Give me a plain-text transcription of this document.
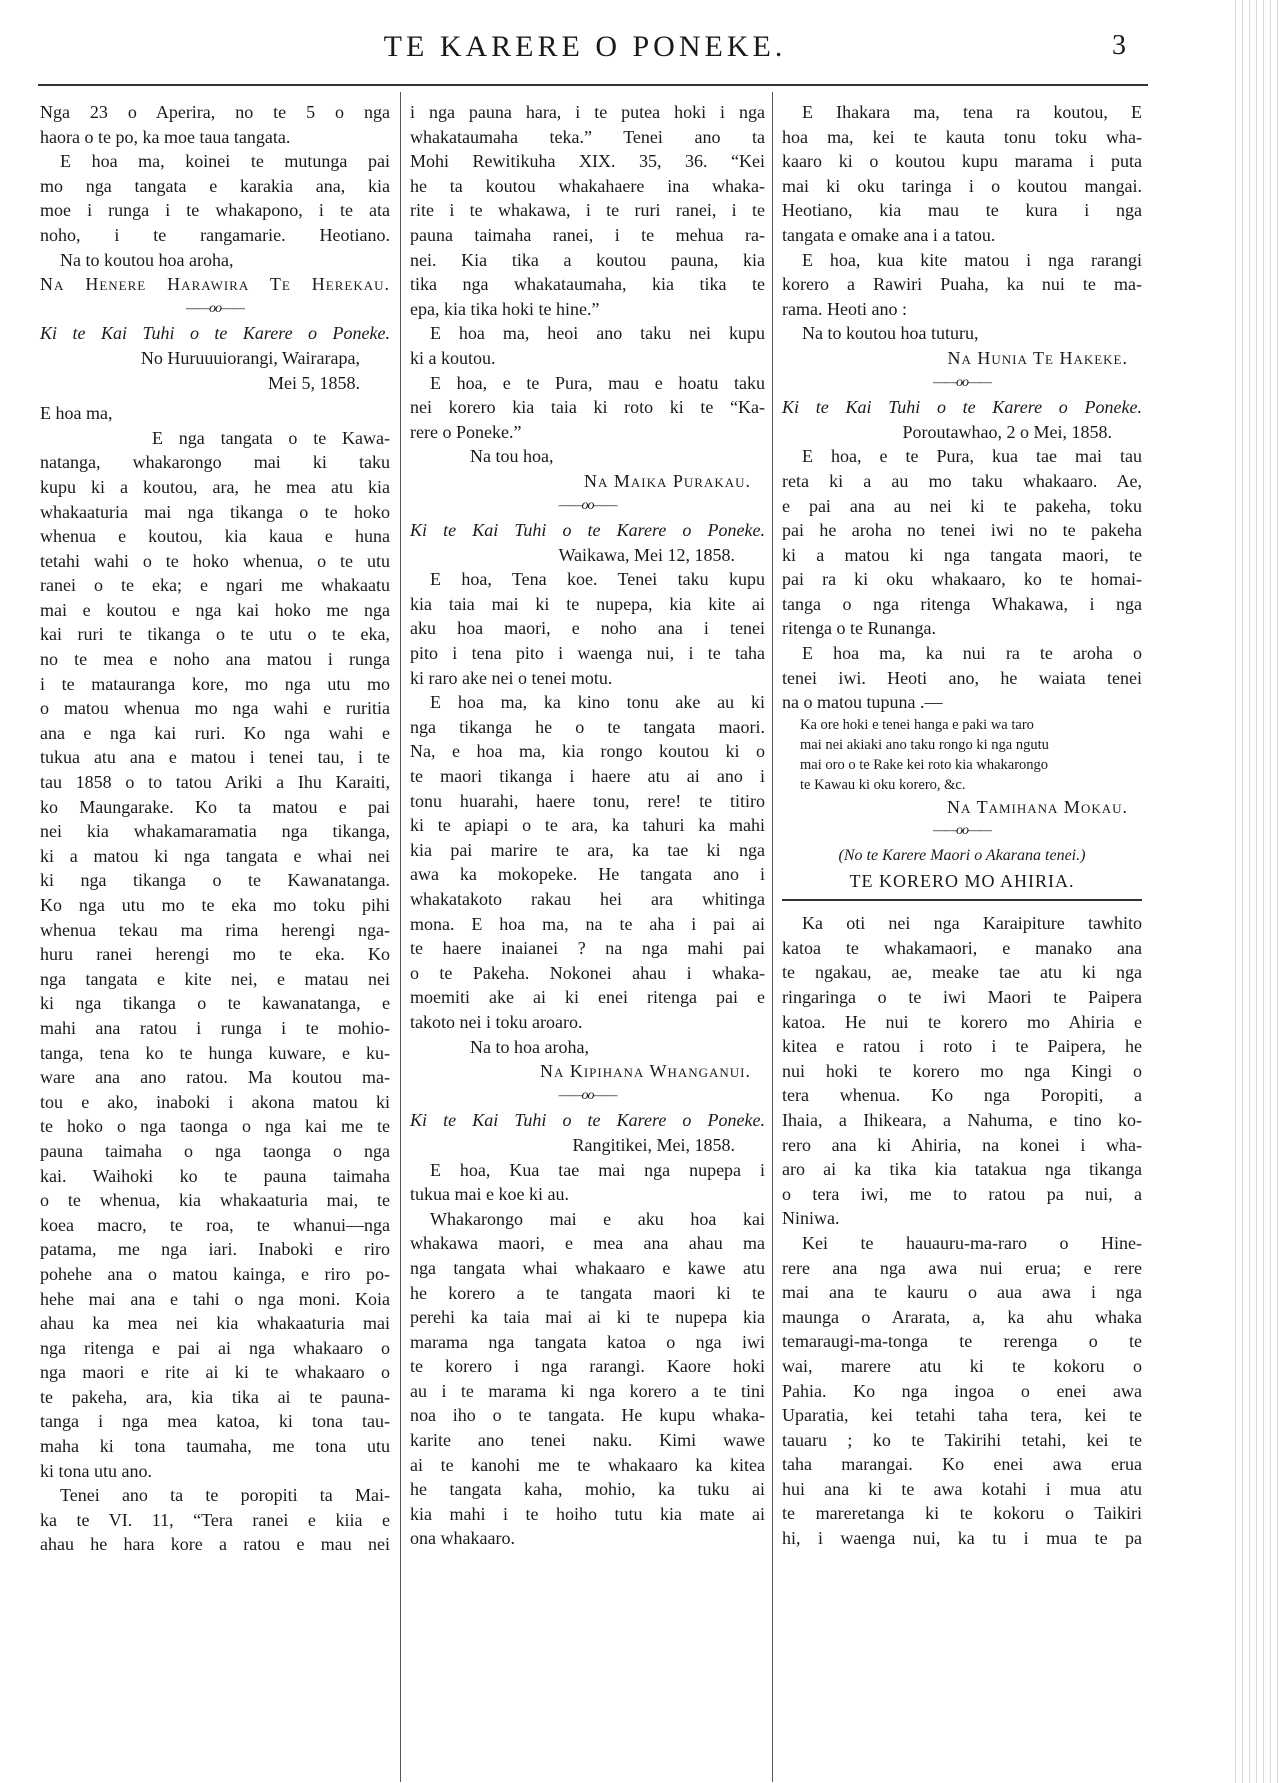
TE KARERE O PONEKE.	3
Nga 23 o Aperira, no te 5 o nga
haora o te po, ka moe taua tangata.
E hoa ma, koinei te mutunga pai
mo nga tangata e karakia ana, kia
moe i runga i te whakapono, i te ata
noho, i te rangamarie. Heotiano.
Na to koutou hoa aroha,
Na Henere Harawira Te Herekau.
——oo——
Ki te Kai Tuhi o te Karere o Poneke.
No Huruuuiorangi, Wairarapa,
Mei 5, 1858.
E hoa ma,
E nga tangata o te Kawa-
natanga, whakarongo mai ki taku
kupu ki a koutou, ara, he mea atu kia
whakaaturia mai nga tikanga o te hoko
whenua e koutou, kia kaua e huna
tetahi wahi o te hoko whenua, o te utu
ranei o te eka; e ngari me whakaatu
mai e koutou e nga kai hoko me nga
kai ruri te tikanga o te utu o te eka,
no te mea e noho ana matou i runga
i te matauranga kore, mo nga utu mo
o matou whenua mo nga wahi e ruritia
ana e nga kai ruri. Ko nga wahi e
tukua atu ana e matou i tenei tau, i te
tau 1858 o to tatou Ariki a Ihu Karaiti,
ko Maungarake. Ko ta matou e pai
nei kia whakamaramatia nga tikanga,
ki a matou ki nga tangata e whai nei
ki nga tikanga o te Kawanatanga.
Ko nga utu mo te eka mo toku pihi
whenua tekau ma rima herengi nga-
huru ranei herengi mo te eka. Ko
nga tangata e kite nei, e matau nei
ki nga tikanga o te kawanatanga, e
mahi ana ratou i runga i te mohio-
tanga, tena ko te hunga kuware, e ku-
ware ana ano ratou. Ma koutou ma-
tou e ako, inaboki i akona matou ki
te hoko o nga taonga o nga kai me te
pauna taimaha o nga taonga o nga
kai. Waihoki ko te pauna taimaha
o te whenua, kia whakaaturia mai, te
koea macro, te roa, te whanui—nga
patama, me nga iari. Inaboki e riro
pohehe ana o matou kainga, e riro po-
hehe mai ana e tahi o nga moni. Koia
ahau ka mea nei kia whakaaturia mai
nga ritenga e pai ai nga whakaaro o
nga maori e rite ai ki te whakaaro o
te pakeha, ara, kia tika ai te pauna-
tanga i nga mea katoa, ki tona tau-
maha ki tona taumaha, me tona utu
ki tona utu ano.
Tenei ano ta te poropiti ta Mai-
ka te VI. 11, “Tera ranei e kiia e
ahau he hara kore a ratou e mau nei
i nga pauna hara, i te putea hoki i nga
whakataumaha teka.” Tenei ano ta
Mohi Rewitikuha XIX. 35, 36. “Kei
he ta koutou whakahaere ina whaka-
rite i te whakawa, i te ruri ranei, i te
pauna taimaha ranei, i te mehua ra-
nei. Kia tika a koutou pauna, kia
tika nga whakataumaha, kia tika te
epa, kia tika hoki te hine.”
E hoa ma, heoi ano taku nei kupu
ki a koutou.
E hoa, e te Pura, mau e hoatu taku
nei korero kia taia ki roto ki te “Ka-
rere o Poneke.”
Na tou hoa,
Na Maika Purakau.
——oo——
Ki te Kai Tuhi o te Karere o Poneke.
Waikawa, Mei 12, 1858.
E hoa, Tena koe. Tenei taku kupu
kia taia mai ki te nupepa, kia kite ai
aku hoa maori, e noho ana i tenei
pito i tena pito i waenga nui, i te taha
ki raro ake nei o tenei motu.
E hoa ma, ka kino tonu ake au ki
nga tikanga he o te tangata maori.
Na, e hoa ma, kia rongo koutou ki o
te maori tikanga i haere atu ai ano i
tonu huarahi, haere tonu, rere! te titiro
ki te apiapi o te ara, ka tahuri ka mahi
kia pai marire te ara, ka tae ki nga
awa ka mokopeke. He tangata ano i
whakatakoto rakau hei ara whitinga
mona. E hoa ma, na te aha i pai ai
te haere inaianei ? na nga mahi pai
o te Pakeha. Nokonei ahau i whaka-
moemiti ake ai ki enei ritenga pai e
takoto nei i toku aroaro.
Na to hoa aroha,
Na Kipihana Whanganui.
——oo——
Ki te Kai Tuhi o te Karere o Poneke.
Rangitikei, Mei, 1858.
E hoa, Kua tae mai nga nupepa i
tukua mai e koe ki au.
Whakarongo mai e aku hoa kai
whakawa maori, e mea ana ahau ma
nga tangata whai whakaaro e kawe atu
he korero a te tangata maori ki te
perehi ka taia mai ai ki te nupepa kia
marama nga tangata katoa o nga iwi
te korero i nga rarangi. Kaore hoki
au i te marama ki nga korero a te tini
noa iho o te tangata. He kupu whaka-
karite ano tenei naku. Kimi wawe
ai te kanohi me te whakaaro ka kitea
he tangata kaha, mohio, ka tuku ai
kia mahi i te hoiho tutu kia mate ai
ona whakaaro.
E Ihakara ma, tena ra koutou, E
hoa ma, kei te kauta tonu toku wha-
kaaro ki o koutou kupu marama i puta
mai ki oku taringa i o koutou mangai.
Heotiano, kia mau te kura i nga
tangata e omake ana i a tatou.
E hoa, kua kite matou i nga rarangi
korero a Rawiri Puaha, ka nui te ma-
rama. Heoti ano :
Na to koutou hoa tuturu,
Na Hunia Te Hakeke.
——oo——
Ki te Kai Tuhi o te Karere o Poneke.
Poroutawhao, 2 o Mei, 1858.
E hoa, e te Pura, kua tae mai tau
reta ki a au mo taku whakaaro. Ae,
e pai ana au nei ki te pakeha, toku
pai he aroha no tenei iwi no te pakeha
ki a matou ki nga tangata maori, te
pai ra ki oku whakaaro, ko te homai-
tanga o nga ritenga Whakawa, i nga
ritenga o te Runanga.
E hoa ma, ka nui ra te aroha o
tenei iwi. Heoti ano, he waiata tenei
na o matou tupuna .—
Ka ore hoki e tenei hanga e paki wa taro
mai nei akiaki ano taku rongo ki nga ngutu
mai oro o te Rake kei roto kia whakarongo
te Kawau ki oku korero, &c.
Na Tamihana Mokau.
——oo——
(No te Karere Maori o Akarana tenei.)
TE KORERO MO AHIRIA.
Ka oti nei nga Karaipiture tawhito
katoa te whakamaori, e manako ana
te ngakau, ae, meake tae atu ki nga
ringaringa o te iwi Maori te Paipera
katoa. He nui te korero mo Ahiria e
kitea e ratou i roto i te Paipera, he
nui hoki te korero mo nga Kingi o
tera whenua. Ko nga Poropiti, a
Ihaia, a Ihikeara, a Nahuma, e tino ko-
rero ana ki Ahiria, na konei i wha-
aro ai ka tika kia tatakua nga tikanga
o tera iwi, me to ratou pa nui, a
Niniwa.
Kei te hauauru-ma-raro o Hine-
rere ana nga awa nui erua; e rere
mai ana te kauru o aua awa i nga
maunga o Ararata, a, ka ahu whaka
temaraugi-ma-tonga te rerenga o te
wai, marere atu ki te kokoru o
Pahia. Ko nga ingoa o enei awa
Uparatia, kei tetahi taha tera, kei te
tauaru ; ko te Takirihi tetahi, kei te
taha marangai. Ko enei awa erua
hui ana ki te awa kotahi i mua atu
te mareretanga ki te kokoru o Taikiri
hi, i waenga nui, ka tu i mua te pa
